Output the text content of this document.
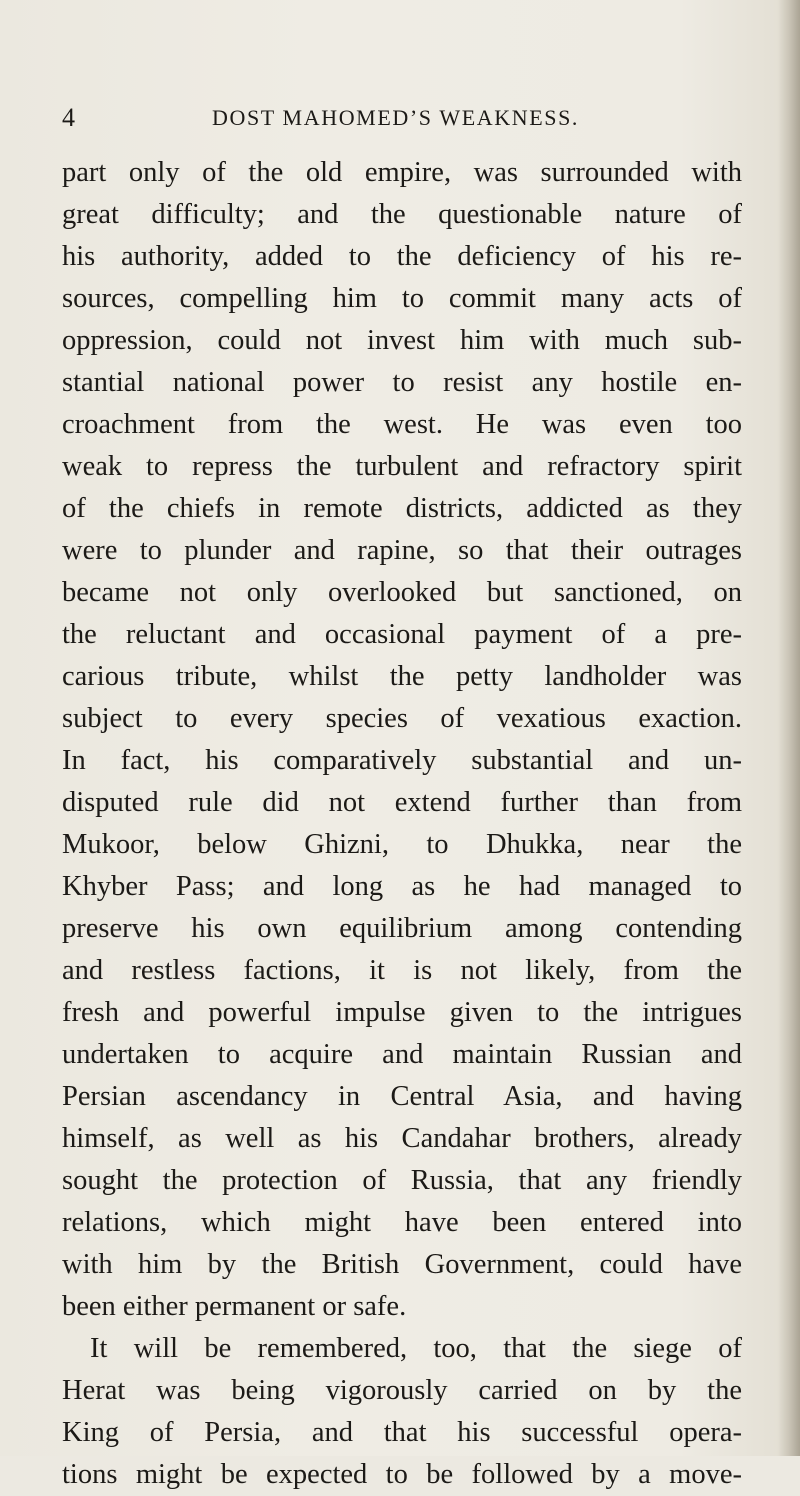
4	DOST MAHOMED’S WEAKNESS.
part only of the old empire, was surrounded with
great difficulty; and the questionable nature of
his authority, added to the deficiency of his re-
sources, compelling him to commit many acts of
oppression, could not invest him with much sub-
stantial national power to resist any hostile en-
croachment from the west. He was even too
weak to repress the turbulent and refractory spirit
of the chiefs in remote districts, addicted as they
were to plunder and rapine, so that their outrages
became not only overlooked but sanctioned, on
the reluctant and occasional payment of a pre-
carious tribute, whilst the petty landholder was
subject to every species of vexatious exaction.
In fact, his comparatively substantial and un-
disputed rule did not extend further than from
Mukoor, below Ghizni, to Dhukka, near the
Khyber Pass; and long as he had managed to
preserve his own equilibrium among contending
and restless factions, it is not likely, from the
fresh and powerful impulse given to the intrigues
undertaken to acquire and maintain Russian and
Persian ascendancy in Central Asia, and having
himself, as well as his Candahar brothers, already
sought the protection of Russia, that any friendly
relations, which might have been entered into
with him by the British Government, could have
been either permanent or safe.
It will be remembered, too, that the siege of
Herat was being vigorously carried on by the
King of Persia, and that his successful opera-
tions might be expected to be followed by a move-
